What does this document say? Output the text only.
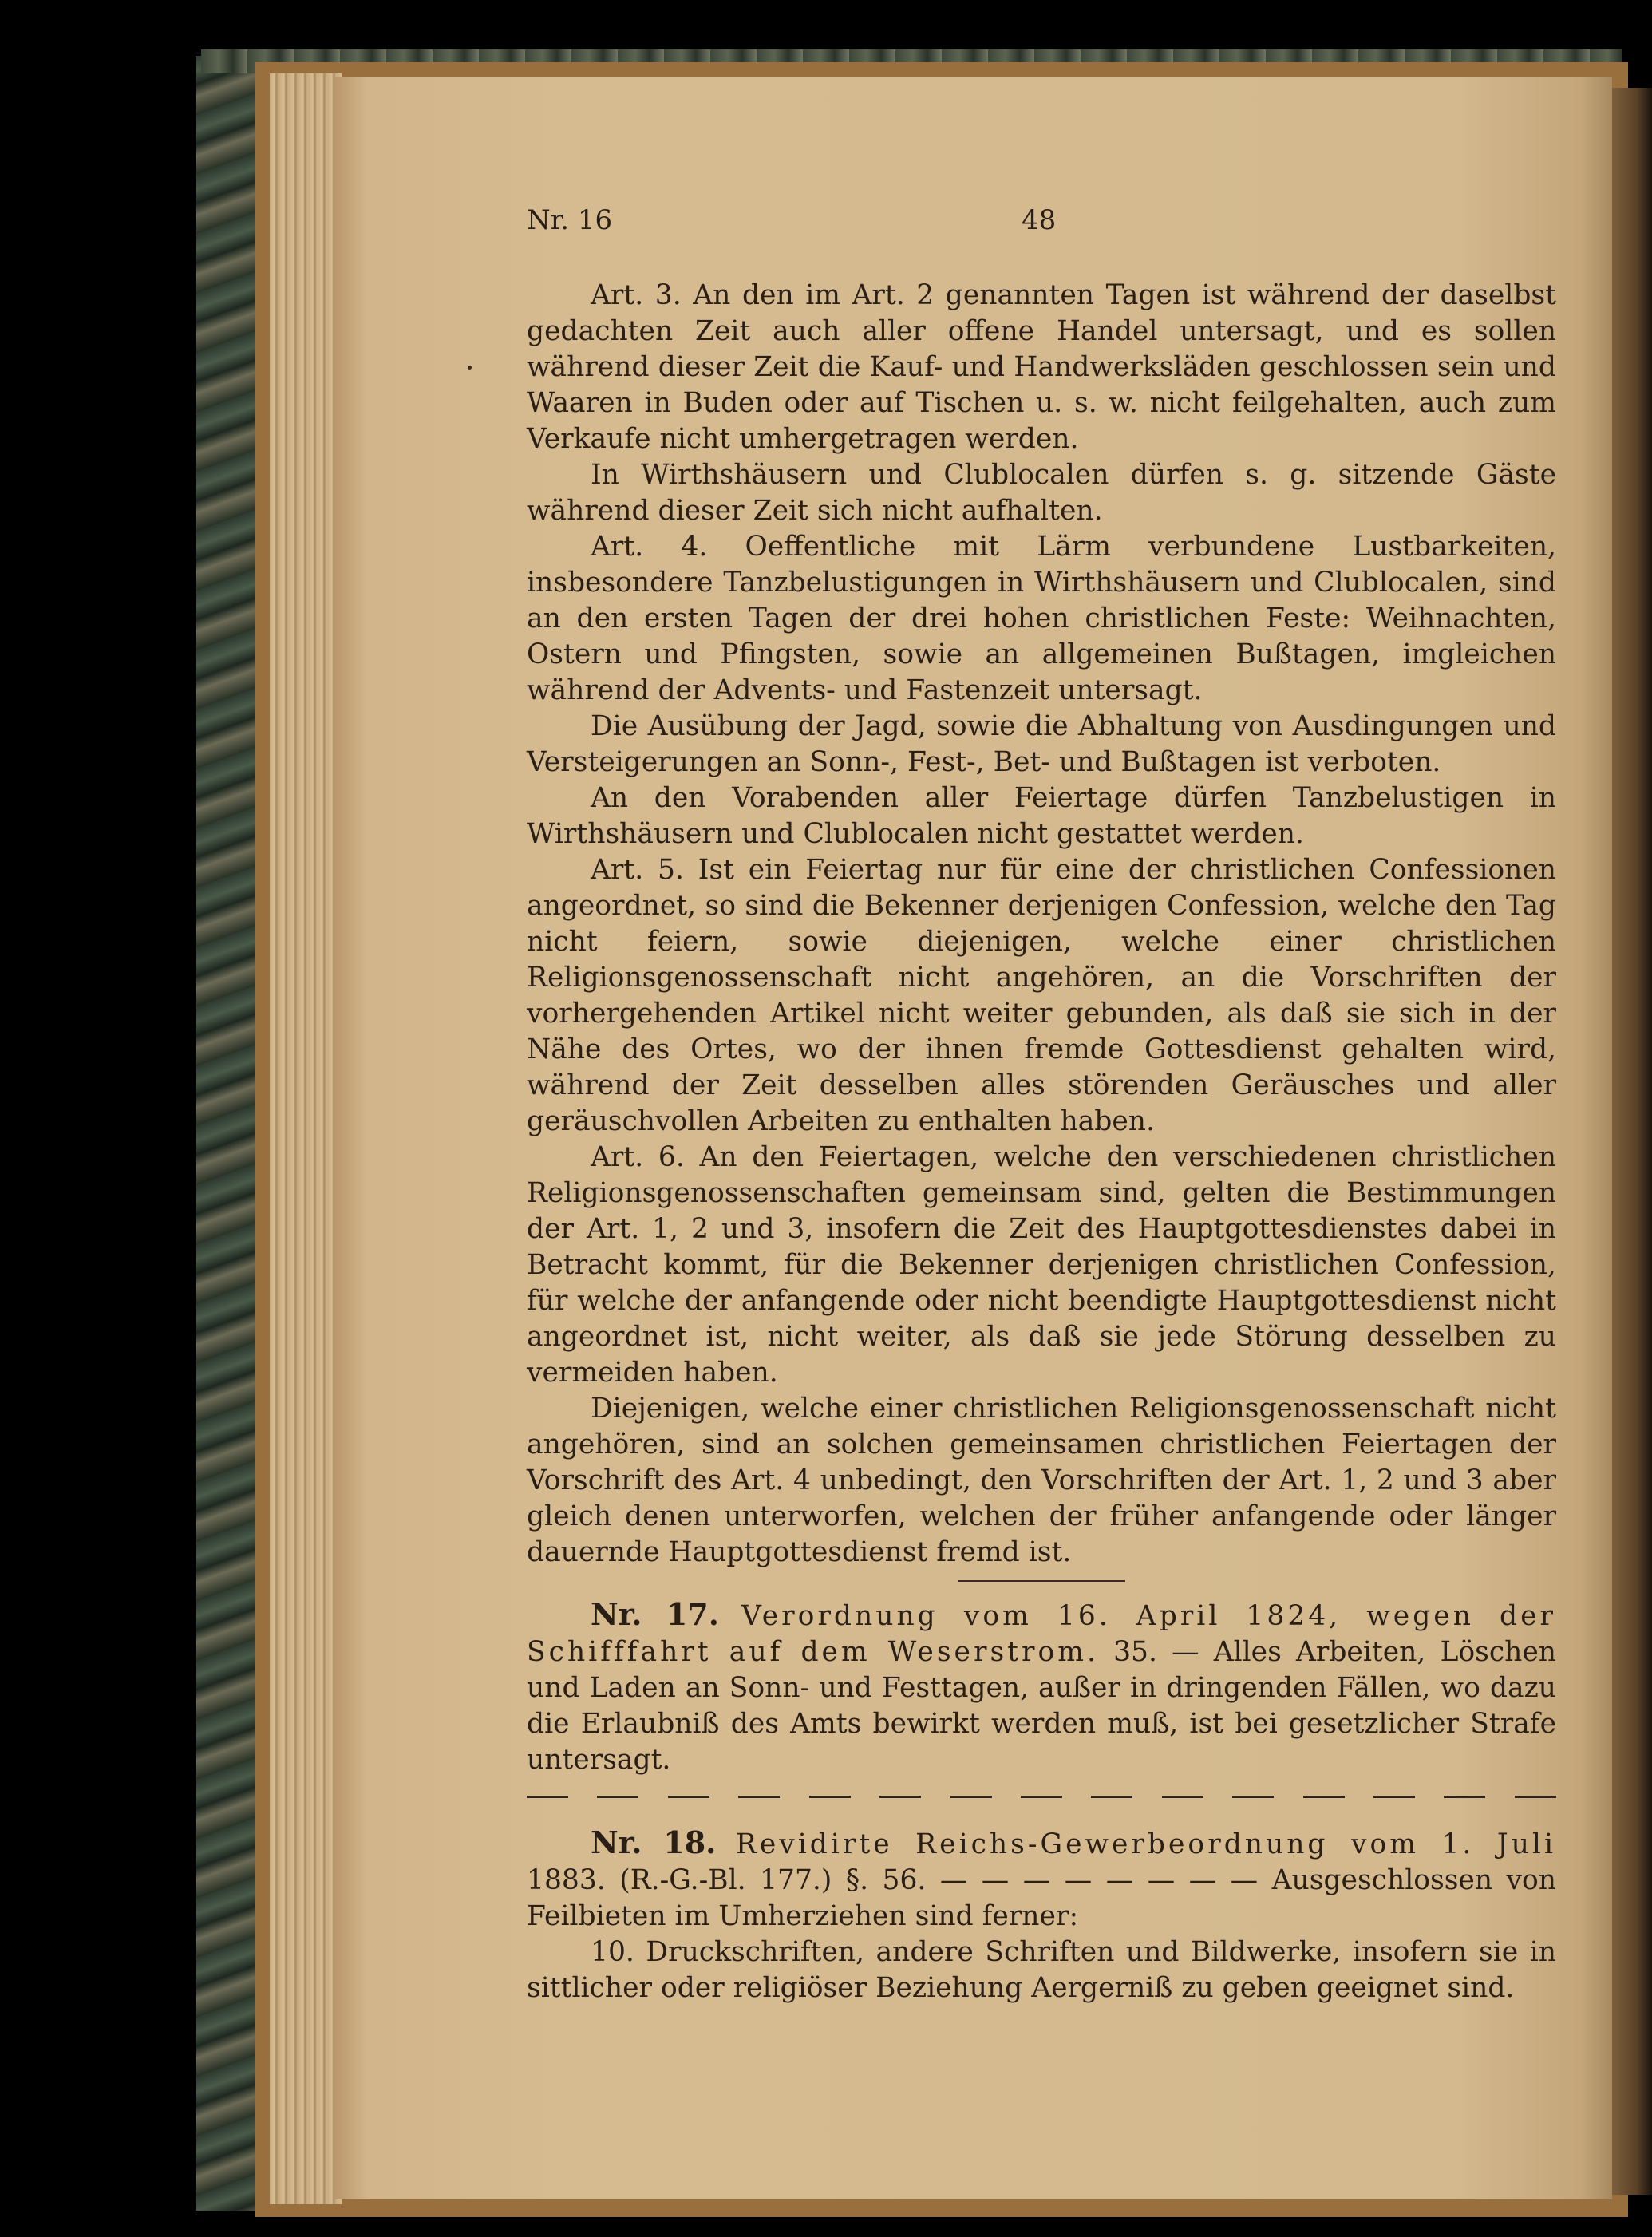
Nr. 16	48

Art. 3. An den im Art. 2 genannten Tagen ist während der daselbst gedachten Zeit auch aller offene Handel untersagt, und es sollen während dieser Zeit die Kauf- und Handwerksläden geschlossen sein und Waaren in Buden oder auf Tischen u. s. w. nicht feilgehalten, auch zum Verkaufe nicht umhergetragen werden.

In Wirthshäusern und Clublocalen dürfen s. g. sitzende Gäste während dieser Zeit sich nicht aufhalten.

Art. 4. Oeffentliche mit Lärm verbundene Lustbarkeiten, insbesondere Tanzbelustigungen in Wirthshäusern und Clublocalen, sind an den ersten Tagen der drei hohen christlichen Feste: Weihnachten, Ostern und Pfingsten, sowie an allgemeinen Bußtagen, imgleichen während der Advents- und Fastenzeit untersagt.

Die Ausübung der Jagd, sowie die Abhaltung von Ausdingungen und Versteigerungen an Sonn-, Fest-, Bet- und Bußtagen ist verboten.

An den Vorabenden aller Feiertage dürfen Tanzbelustigen in Wirthshäusern und Clublocalen nicht gestattet werden.

Art. 5. Ist ein Feiertag nur für eine der christlichen Confessionen angeordnet, so sind die Bekenner derjenigen Confession, welche den Tag nicht feiern, sowie diejenigen, welche einer christlichen Religionsgenossenschaft nicht angehören, an die Vorschriften der vorhergehenden Artikel nicht weiter gebunden, als daß sie sich in der Nähe des Ortes, wo der ihnen fremde Gottesdienst gehalten wird, während der Zeit desselben alles störenden Geräusches und aller geräuschvollen Arbeiten zu enthalten haben.

Art. 6. An den Feiertagen, welche den verschiedenen christlichen Religionsgenossenschaften gemeinsam sind, gelten die Bestimmungen der Art. 1, 2 und 3, insofern die Zeit des Hauptgottesdienstes dabei in Betracht kommt, für die Bekenner derjenigen christlichen Confession, für welche der anfangende oder nicht beendigte Hauptgottesdienst nicht angeordnet ist, nicht weiter, als daß sie jede Störung desselben zu vermeiden haben.

Diejenigen, welche einer christlichen Religionsgenossenschaft nicht angehören, sind an solchen gemeinsamen christlichen Feiertagen der Vorschrift des Art. 4 unbedingt, den Vorschriften der Art. 1, 2 und 3 aber gleich denen unterworfen, welchen der früher anfangende oder länger dauernde Hauptgottesdienst fremd ist.

Nr. 17. Verordnung vom 16. April 1824, wegen der Schifffahrt auf dem Weserstrom. 35. — Alles Arbeiten, Löschen und Laden an Sonn- und Festtagen, außer in dringenden Fällen, wo dazu die Erlaubniß des Amts bewirkt werden muß, ist bei gesetzlicher Strafe untersagt.

Nr. 18. Revidirte Reichs-Gewerbeordnung vom 1. Juli 1883. (R.-G.-Bl. 177.) §. 56. — — — — — — — — Ausgeschlossen von Feilbieten im Umherziehen sind ferner:

10. Druckschriften, andere Schriften und Bildwerke, insofern sie in sittlicher oder religiöser Beziehung Aergerniß zu geben geeignet sind.
